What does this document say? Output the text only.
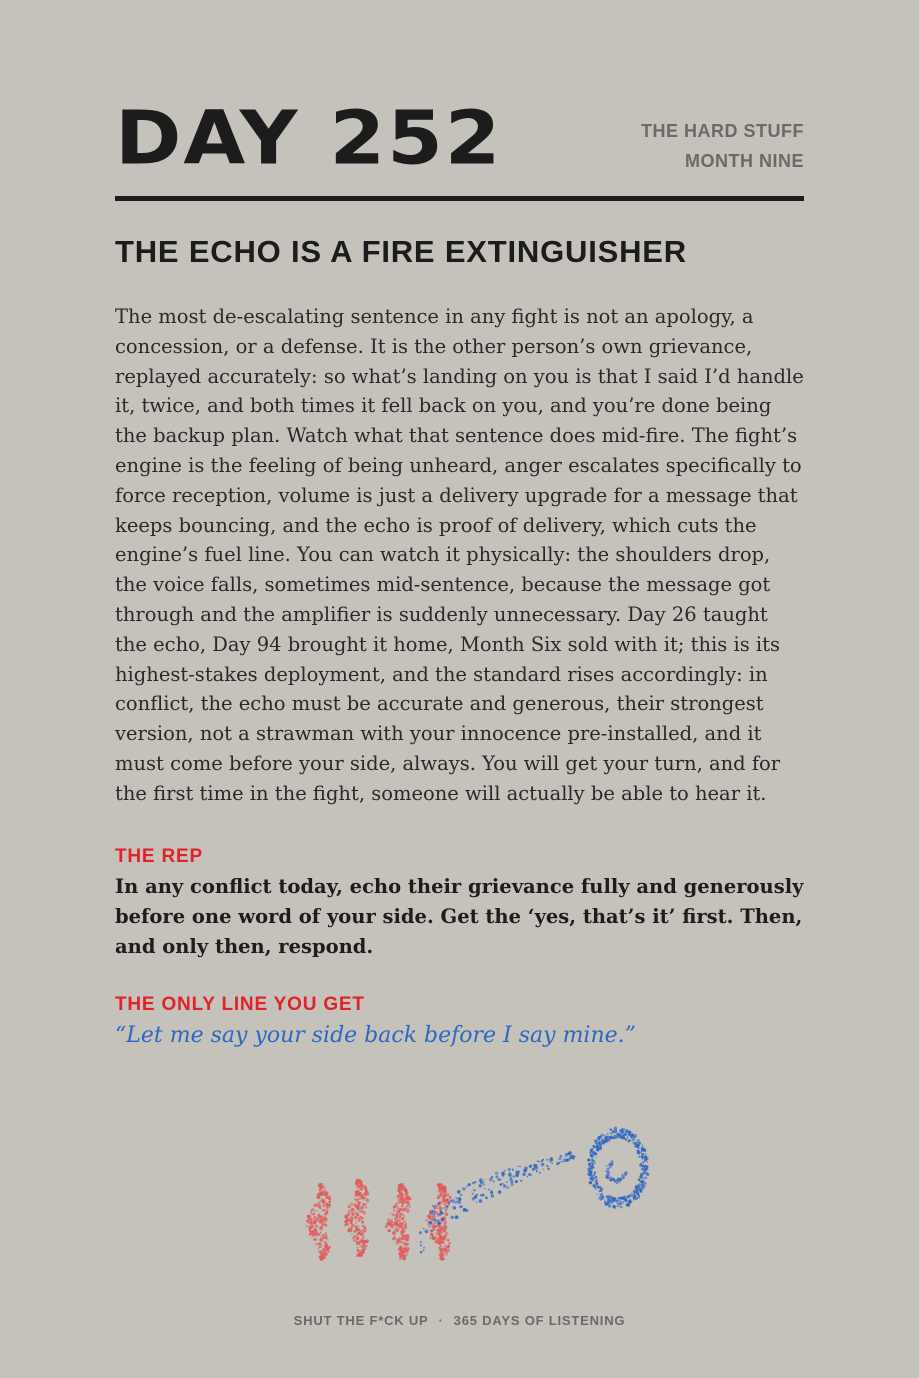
DAY 252	THE HARD STUFF
MONTH NINE
THE ECHO IS A FIRE EXTINGUISHER

The most de-escalating sentence in any fight is not an apology, a concession, or a defense. It is the other person’s own grievance, replayed accurately: so what’s landing on you is that I said I’d handle it, twice, and both times it fell back on you, and you’re done being the backup plan. Watch what that sentence does mid-fire. The fight’s engine is the feeling of being unheard, anger escalates specifically to force reception, volume is just a delivery upgrade for a message that keeps bouncing, and the echo is proof of delivery, which cuts the engine’s fuel line. You can watch it physically: the shoulders drop, the voice falls, sometimes mid-sentence, because the message got through and the amplifier is suddenly unnecessary. Day 26 taught the echo, Day 94 brought it home, Month Six sold with it; this is its highest-stakes deployment, and the standard rises accordingly: in conflict, the echo must be accurate and generous, their strongest version, not a strawman with your innocence pre-installed, and it must come before your side, always. You will get your turn, and for the first time in the fight, someone will actually be able to hear it.

THE REP

In any conflict today, echo their grievance fully and generously before one word of your side. Get the ‘yes, that’s it’ first. Then, and only then, respond.

THE ONLY LINE YOU GET

“Let me say your side back before I say mine.”

SHUT THE F*CK UP · 365 DAYS OF LISTENING
